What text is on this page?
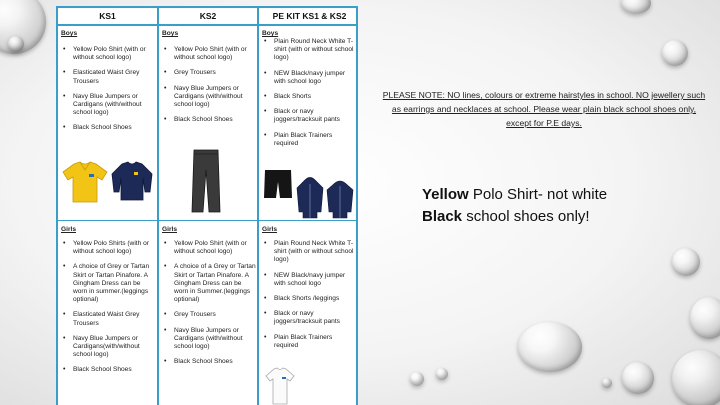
KS1
Boys
• Yellow Polo Shirt (with or without school logo)
• Elasticated Waist Grey Trousers
• Navy Blue Jumpers or Cardigans (with/without school logo)
• Black School Shoes
Girls
• Yellow Polo Shirts (with or without school logo)
• A choice of Grey or Tartan Skirt or Tartan Pinafore. A Gingham Dress can be worn in summer.(leggings optional)
• Elasticated Waist Grey Trousers
• Navy Blue Jumpers or Cardigans(with/without school logo)
• Black School Shoes
KS2
Boys
• Yellow Polo Shirt (with or without school logo)
• Grey Trousers
• Navy Blue Jumpers or Cardigans (with/without school logo)
• Black School Shoes
Girls
• Yellow Polo Shirt (with or without school logo)
• A choice of a Grey or Tartan Skirt or Tartan Pinafore. A Gingham Dress can be worn in Summer.(leggings optional)
• Grey Trousers
• Navy Blue Jumpers or Cardigans (with/without school logo)
• Black School Shoes
PE KIT KS1 & KS2
Boys
• Plain Round Neck White T-shirt (with or without school logo)
• NEW Black/navy jumper with school logo
• Black Shorts
• Black or navy joggers/tracksuit pants
• Plain Black Trainers required
Girls
• Plain Round Neck White T-shirt (with or without school logo)
• NEW Black/navy jumper with school logo
• Black Shorts /leggings
• Black or navy joggers/tracksuit pants
• Plain Black Trainers required
PLEASE NOTE: NO lines, colours or extreme hairstyles in school. NO jewellery such as earrings and necklaces at school. Please wear plain black school shoes only, except for P.E days.
Yellow Polo Shirt- not white
Black school shoes only!
